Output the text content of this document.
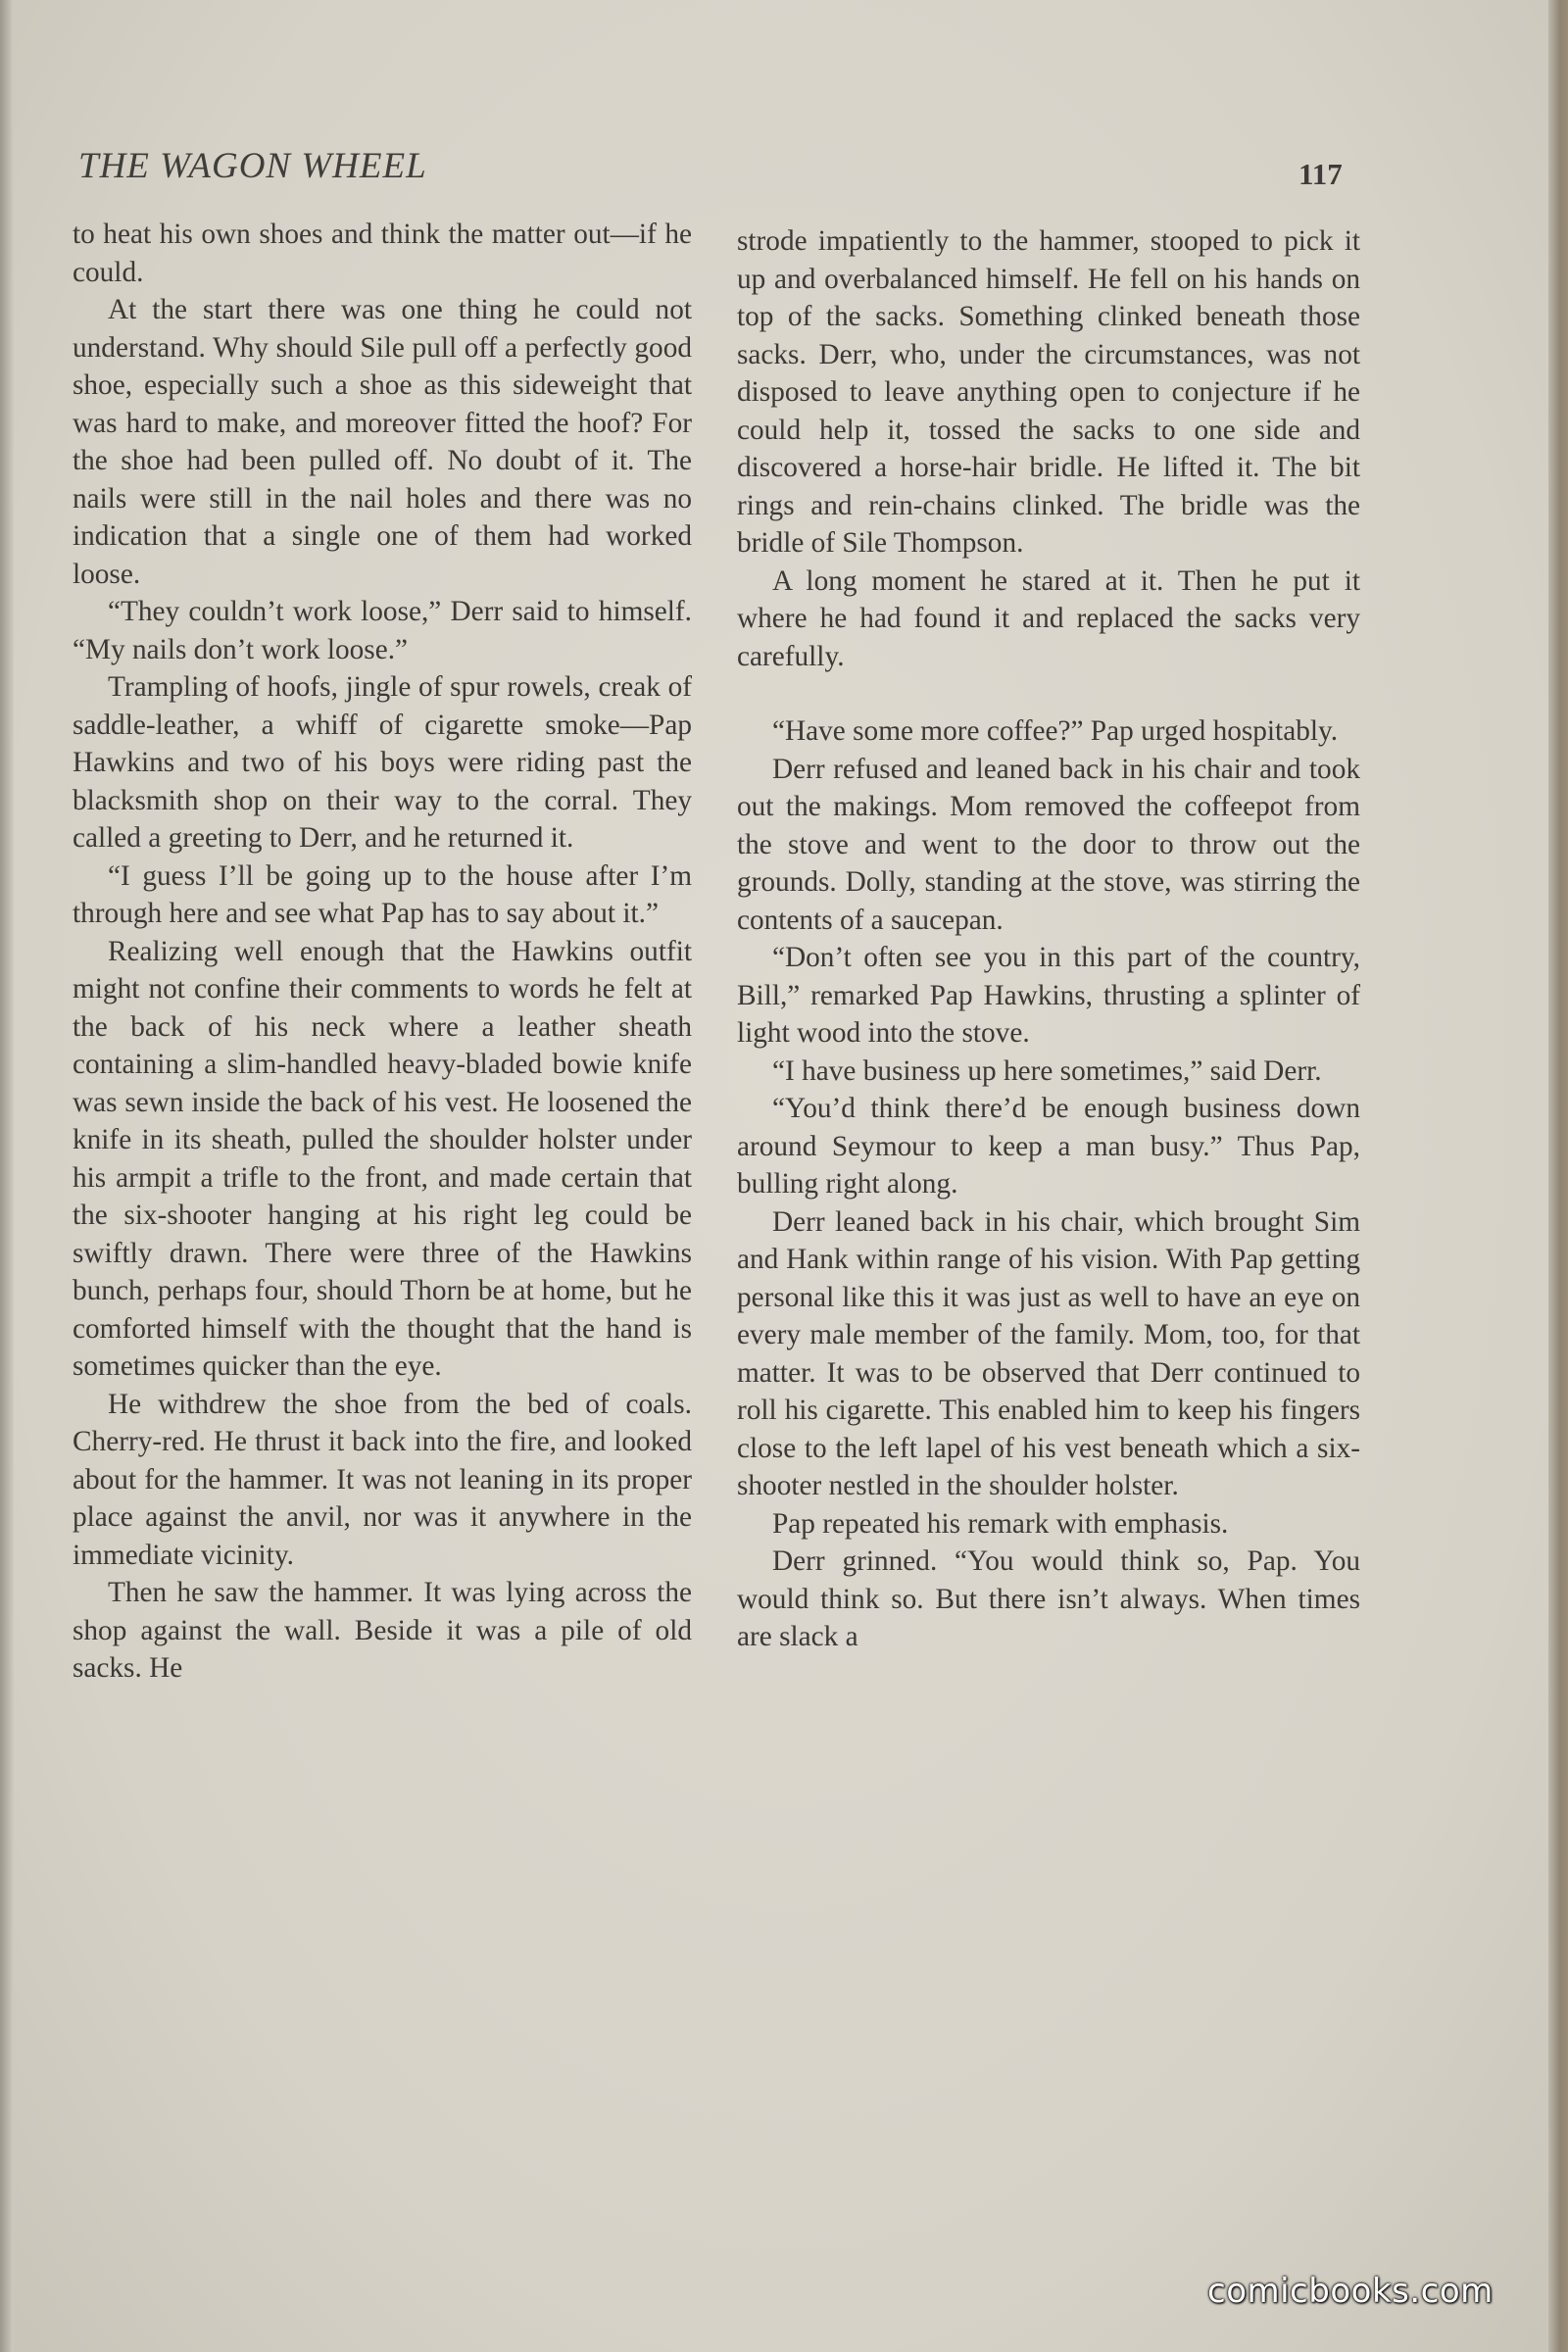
THE WAGON WHEEL	117

to heat his own shoes and think the matter out—if he could.

At the start there was one thing he could not understand. Why should Sile pull off a perfectly good shoe, especially such a shoe as this sideweight that was hard to make, and moreover fitted the hoof? For the shoe had been pulled off. No doubt of it. The nails were still in the nail holes and there was no indication that a single one of them had worked loose.

“They couldn’t work loose,” Derr said to himself. “My nails don’t work loose.”

Trampling of hoofs, jingle of spur rowels, creak of saddle-leather, a whiff of cigarette smoke—Pap Hawkins and two of his boys were riding past the blacksmith shop on their way to the corral. They called a greeting to Derr, and he returned it.

“I guess I’ll be going up to the house after I’m through here and see what Pap has to say about it.”

Realizing well enough that the Hawkins outfit might not confine their comments to words he felt at the back of his neck where a leather sheath containing a slim-handled heavy-bladed bowie knife was sewn inside the back of his vest. He loosened the knife in its sheath, pulled the shoulder holster under his armpit a trifle to the front, and made certain that the six-shooter hanging at his right leg could be swiftly drawn. There were three of the Hawkins bunch, perhaps four, should Thorn be at home, but he comforted himself with the thought that the hand is sometimes quicker than the eye.

He withdrew the shoe from the bed of coals. Cherry-red. He thrust it back into the fire, and looked about for the hammer. It was not leaning in its proper place against the anvil, nor was it anywhere in the immediate vicinity.

Then he saw the hammer. It was lying across the shop against the wall. Beside it was a pile of old sacks. He

strode impatiently to the hammer, stooped to pick it up and overbalanced himself. He fell on his hands on top of the sacks. Something clinked beneath those sacks. Derr, who, under the circumstances, was not disposed to leave anything open to conjecture if he could help it, tossed the sacks to one side and discovered a horse-hair bridle. He lifted it. The bit rings and rein-chains clinked. The bridle was the bridle of Sile Thompson.

A long moment he stared at it. Then he put it where he had found it and replaced the sacks very carefully.

“Have some more coffee?” Pap urged hospitably.

Derr refused and leaned back in his chair and took out the makings. Mom removed the coffeepot from the stove and went to the door to throw out the grounds. Dolly, standing at the stove, was stirring the contents of a saucepan.

“Don’t often see you in this part of the country, Bill,” remarked Pap Hawkins, thrusting a splinter of light wood into the stove.

“I have business up here sometimes,” said Derr.

“You’d think there’d be enough business down around Seymour to keep a man busy.” Thus Pap, bulling right along.

Derr leaned back in his chair, which brought Sim and Hank within range of his vision. With Pap getting personal like this it was just as well to have an eye on every male member of the family. Mom, too, for that matter. It was to be observed that Derr continued to roll his cigarette. This enabled him to keep his fingers close to the left lapel of his vest beneath which a six-shooter nestled in the shoulder holster.

Pap repeated his remark with emphasis.

Derr grinned. “You would think so, Pap. You would think so. But there isn’t always. When times are slack a

comicbooks.com
